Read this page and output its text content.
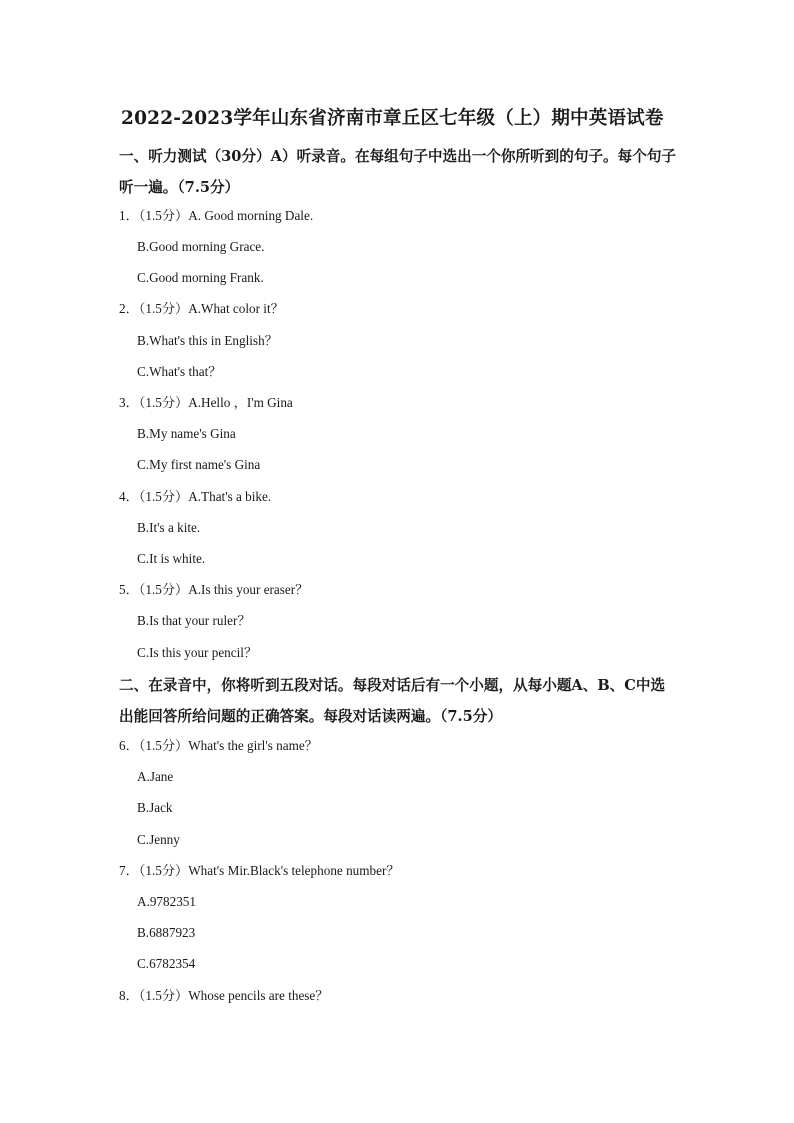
2022-2023学年山东省济南市章丘区七年级（上）期中英语试卷
一、听力测试（30分）A）听录音。在每组句子中选出一个你所听到的句子。每个句子听一遍。（7.5分）
1．（1.5分）A. Good morning Dale.
B.Good morning Grace.
C.Good morning Frank.
2．（1.5分）A.What color it？
B.What's this in English？
C.What's that？
3．（1.5分）A.Hello ，I'm Gina
B.My name's Gina
C.My first name's Gina
4．（1.5分）A.That's a bike.
B.It's a kite.
C.It is white.
5．（1.5分）A.Is this your eraser？
B.Is that your ruler？
C.Is this your pencil？
二、在录音中，你将听到五段对话。每段对话后有一个小题，从每小题A、B、C中选出能回答所给问题的正确答案。每段对话读两遍。（7.5分）
6．（1.5分）What's the girl's name？
A.Jane
B.Jack
C.Jenny
7．（1.5分）What's Mir.Black's telephone number？
A.9782351
B.6887923
C.6782354
8．（1.5分）Whose pencils are these？
